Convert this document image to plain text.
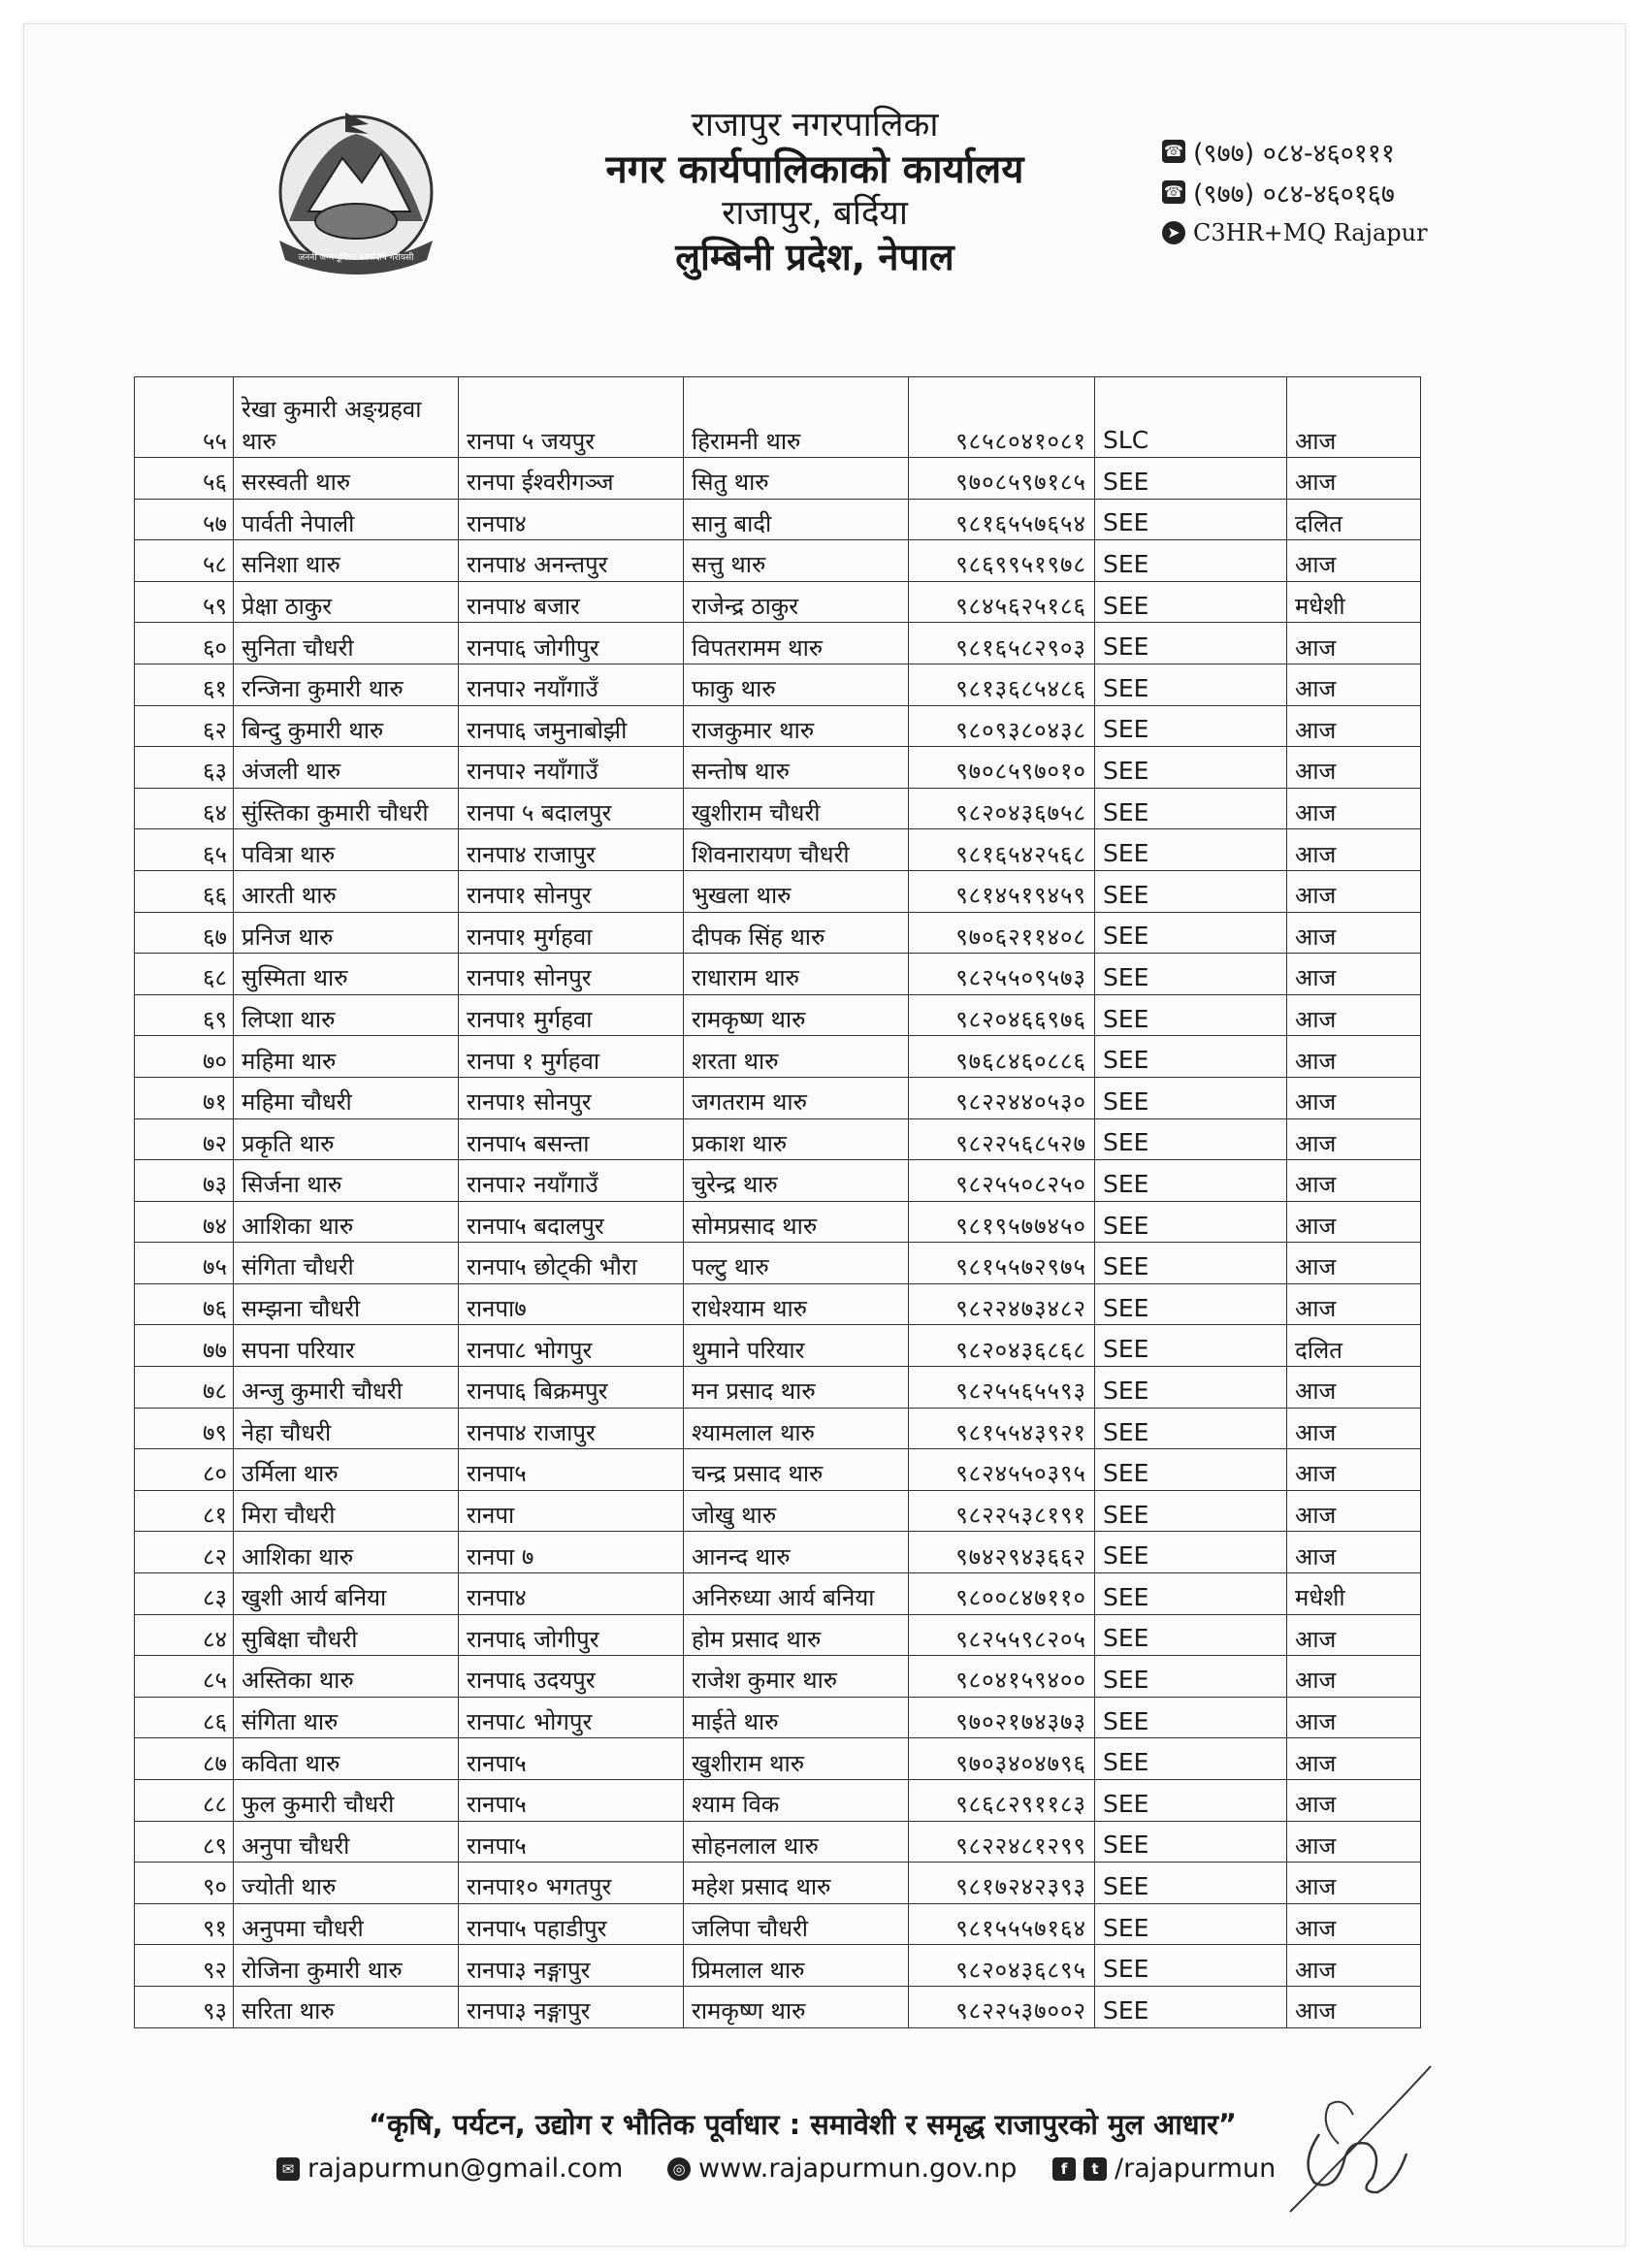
जननी जन्मभूमिश्च स्वर्गादपि गरीयसी
राजापुर नगरपालिका
नगर कार्यपालिकाको कार्यालय
राजापुर, बर्दिया
लुम्बिनी प्रदेश, नेपाल
☎ (९७७) ०८४-४६०१११
☎ (९७७) ०८४-४६०१६७
➤ C3HR+MQ Rajapur
५५	रेखा कुमारी अङ्ग्रहवा थारु	रानपा ५ जयपुर	हिरामनी थारु	९८५८०४१०८१	SLC	आज
५६	सरस्वती थारु	रानपा ईश्वरीगञ्ज	सितु थारु	९७०८५९७१८५	SEE	आज
५७	पार्वती नेपाली	रानपा४	सानु बादी	९८१६५५७६५४	SEE	दलित
५८	सनिशा थारु	रानपा४ अनन्तपुर	सत्तु थारु	९८६९९५१९७८	SEE	आज
५९	प्रेक्षा ठाकुर	रानपा४ बजार	राजेन्द्र ठाकुर	९८४५६२५१८६	SEE	मधेशी
६०	सुनिता चौधरी	रानपा६ जोगीपुर	विपतरामम थारु	९८१६५८२९०३	SEE	आज
६१	रन्जिना कुमारी थारु	रानपा२ नयाँगाउँ	फाकु थारु	९८१३६८५४८६	SEE	आज
६२	बिन्दु कुमारी थारु	रानपा६ जमुनाबोझी	राजकुमार थारु	९८०९३८०४३८	SEE	आज
६३	अंजली थारु	रानपा२ नयाँगाउँ	सन्तोष थारु	९७०८५९७०१०	SEE	आज
६४	सुंस्तिका कुमारी चौधरी	रानपा ५ बदालपुर	खुशीराम चौधरी	९८२०४३६७५८	SEE	आज
६५	पवित्रा थारु	रानपा४ राजापुर	शिवनारायण चौधरी	९८१६५४२५६८	SEE	आज
६६	आरती थारु	रानपा१ सोनपुर	भुखला थारु	९८१४५१९४५९	SEE	आज
६७	प्रनिज थारु	रानपा१ मुर्गहवा	दीपक सिंह थारु	९७०६२११४०८	SEE	आज
६८	सुस्मिता थारु	रानपा१ सोनपुर	राधाराम थारु	९८२५५०९५७३	SEE	आज
६९	लिप्शा थारु	रानपा१ मुर्गहवा	रामकृष्ण थारु	९८२०४६६९७६	SEE	आज
७०	महिमा थारु	रानपा १ मुर्गहवा	शरता थारु	९७६८४६०८८६	SEE	आज
७१	महिमा चौधरी	रानपा१ सोनपुर	जगतराम थारु	९८२२४४०५३०	SEE	आज
७२	प्रकृति थारु	रानपा५ बसन्ता	प्रकाश थारु	९८२२५६८५२७	SEE	आज
७३	सिर्जना थारु	रानपा२ नयाँगाउँ	चुरेन्द्र थारु	९८२५५०८२५०	SEE	आज
७४	आशिका थारु	रानपा५ बदालपुर	सोमप्रसाद थारु	९८१९५७७४५०	SEE	आज
७५	संगिता चौधरी	रानपा५ छोट्की भौरा	पल्टु थारु	९८१५५७२९७५	SEE	आज
७६	सम्झना चौधरी	रानपा७	राधेश्याम थारु	९८२२४७३४८२	SEE	आज
७७	सपना परियार	रानपा८ भोगपुर	थुमाने परियार	९८२०४३६८६८	SEE	दलित
७८	अन्जु कुमारी चौधरी	रानपा६ बिक्रमपुर	मन प्रसाद थारु	९८२५५६५५९३	SEE	आज
७९	नेहा चौधरी	रानपा४ राजापुर	श्यामलाल थारु	९८१५५४३९२१	SEE	आज
८०	उर्मिला थारु	रानपा५	चन्द्र प्रसाद थारु	९८२४५५०३९५	SEE	आज
८१	मिरा चौधरी	रानपा	जोखु थारु	९८२२५३८१९१	SEE	आज
८२	आशिका थारु	रानपा ७	आनन्द थारु	९७४२९४३६६२	SEE	आज
८३	खुशी आर्य बनिया	रानपा४	अनिरुध्या आर्य बनिया	९८००८४७११०	SEE	मधेशी
८४	सुबिक्षा चौधरी	रानपा६ जोगीपुर	होम प्रसाद थारु	९८२५५९८२०५	SEE	आज
८५	अस्तिका थारु	रानपा६ उदयपुर	राजेश कुमार थारु	९८०४१५९४००	SEE	आज
८६	संगिता थारु	रानपा८ भोगपुर	माईते थारु	९७०२१७४३७३	SEE	आज
८७	कविता थारु	रानपा५	खुशीराम थारु	९७०३४०४७९६	SEE	आज
८८	फुल कुमारी चौधरी	रानपा५	श्याम विक	९८६८२९११८३	SEE	आज
८९	अनुपा चौधरी	रानपा५	सोहनलाल थारु	९८२२४८१२९९	SEE	आज
९०	ज्योती थारु	रानपा१० भगतपुर	महेश प्रसाद थारु	९८१७२४२३९३	SEE	आज
९१	अनुपमा चौधरी	रानपा५ पहाडीपुर	जलिपा चौधरी	९८१५५५७१६४	SEE	आज
९२	रोजिना कुमारी थारु	रानपा३ नङ्गापुर	प्रिमलाल थारु	९८२०४३६८९५	SEE	आज
९३	सरिता थारु	रानपा३ नङ्गापुर	रामकृष्ण थारु	९८२२५३७००२	SEE	आज
“कृषि, पर्यटन, उद्योग र भौतिक पूर्वाधार : समावेशी र समृद्ध राजापुरको मुल आधार”
✉ rajapurmun@gmail.com	◎ www.rajapurmun.gov.np	f	t /rajapurmun
